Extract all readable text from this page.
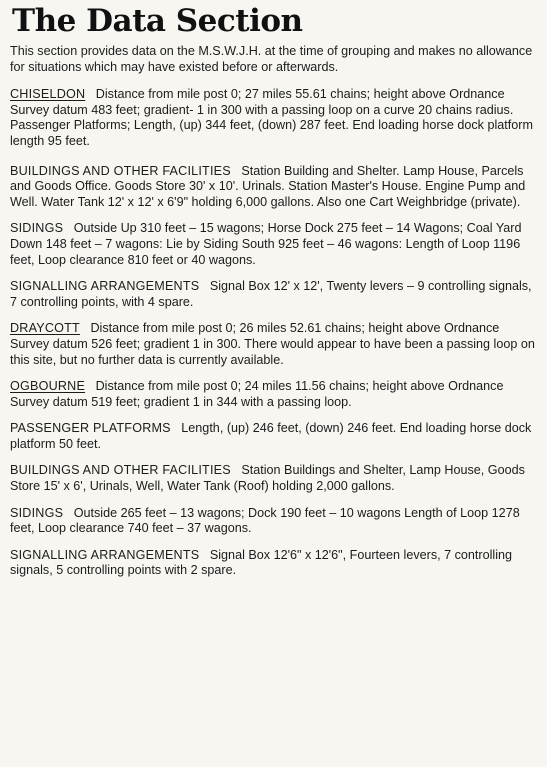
The Data Section

This section provides data on the M.S.W.J.H. at the time of grouping and makes no allowance for situations which may have existed before or afterwards.

CHISELDON Distance from mile post 0; 27 miles 55.61 chains; height above Ordnance Survey datum 483 feet; gradient- 1 in 300 with a passing loop on a curve 20 chains radius.
Passenger Platforms; Length, (up) 344 feet, (down) 287 feet. End loading horse dock platform length 95 feet.
BUILDINGS AND OTHER FACILITIES Station Building and Shelter. Lamp House, Parcels and Goods Office. Goods Store 30' x 10'. Urinals. Station Master's House. Engine Pump and Well. Water Tank 12' x 12' x 6'9" holding 6,000 gallons. Also one Cart Weighbridge (private).
SIDINGS Outside Up 310 feet – 15 wagons; Horse Dock 275 feet – 14 Wagons; Coal Yard Down 148 feet – 7 wagons: Lie by Siding South 925 feet – 46 wagons: Length of Loop 1196 feet, Loop clearance 810 feet or 40 wagons.
SIGNALLING ARRANGEMENTS Signal Box 12' x 12', Twenty levers – 9 controlling signals, 7 controlling points, with 4 spare.
DRAYCOTT Distance from mile post 0; 26 miles 52.61 chains; height above Ordnance Survey datum 526 feet; gradient 1 in 300. There would appear to have been a passing loop on this site, but no further data is currently available.
OGBOURNE Distance from mile post 0; 24 miles 11.56 chains; height above Ordnance Survey datum 519 feet; gradient 1 in 344 with a passing loop.
PASSENGER PLATFORMS Length, (up) 246 feet, (down) 246 feet. End loading horse dock platform 50 feet.
BUILDINGS AND OTHER FACILITIES Station Buildings and Shelter, Lamp House, Goods Store 15' x 6', Urinals, Well, Water Tank (Roof) holding 2,000 gallons.
SIDINGS Outside 265 feet – 13 wagons; Dock 190 feet – 10 wagons Length of Loop 1278 feet, Loop clearance 740 feet – 37 wagons.
SIGNALLING ARRANGEMENTS Signal Box 12'6" x 12'6", Fourteen levers, 7 controlling signals, 5 controlling points with 2 spare.
